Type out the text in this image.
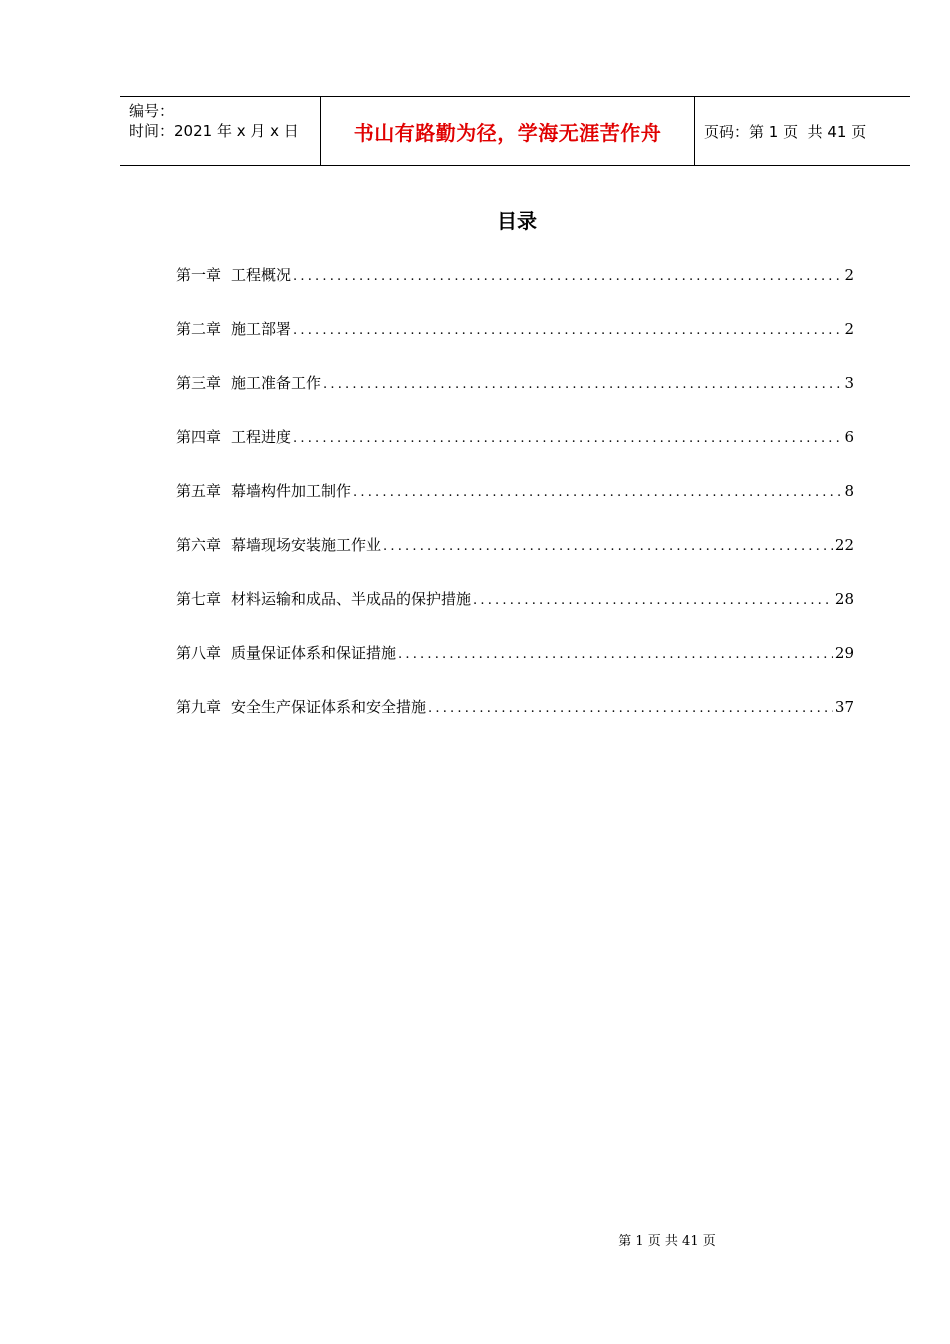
编号：
时间：2021 年 x 月 x 日	书山有路勤为径，学海无涯苦作舟	页码：第 1 页  共 41 页
目录
第一章 工程概况 .....	2
第二章 施工部署 .....	2
第三章 施工准备工作 .....	3
第四章 工程进度 .....	6
第五章 幕墙构件加工制作 .....	8
第六章 幕墙现场安装施工作业 .....	22
第七章 材料运输和成品、半成品的保护措施 .....	28
第八章 质量保证体系和保证措施 .....	29
第九章 安全生产保证体系和安全措施 .....	37
第 1 页 共 41 页
